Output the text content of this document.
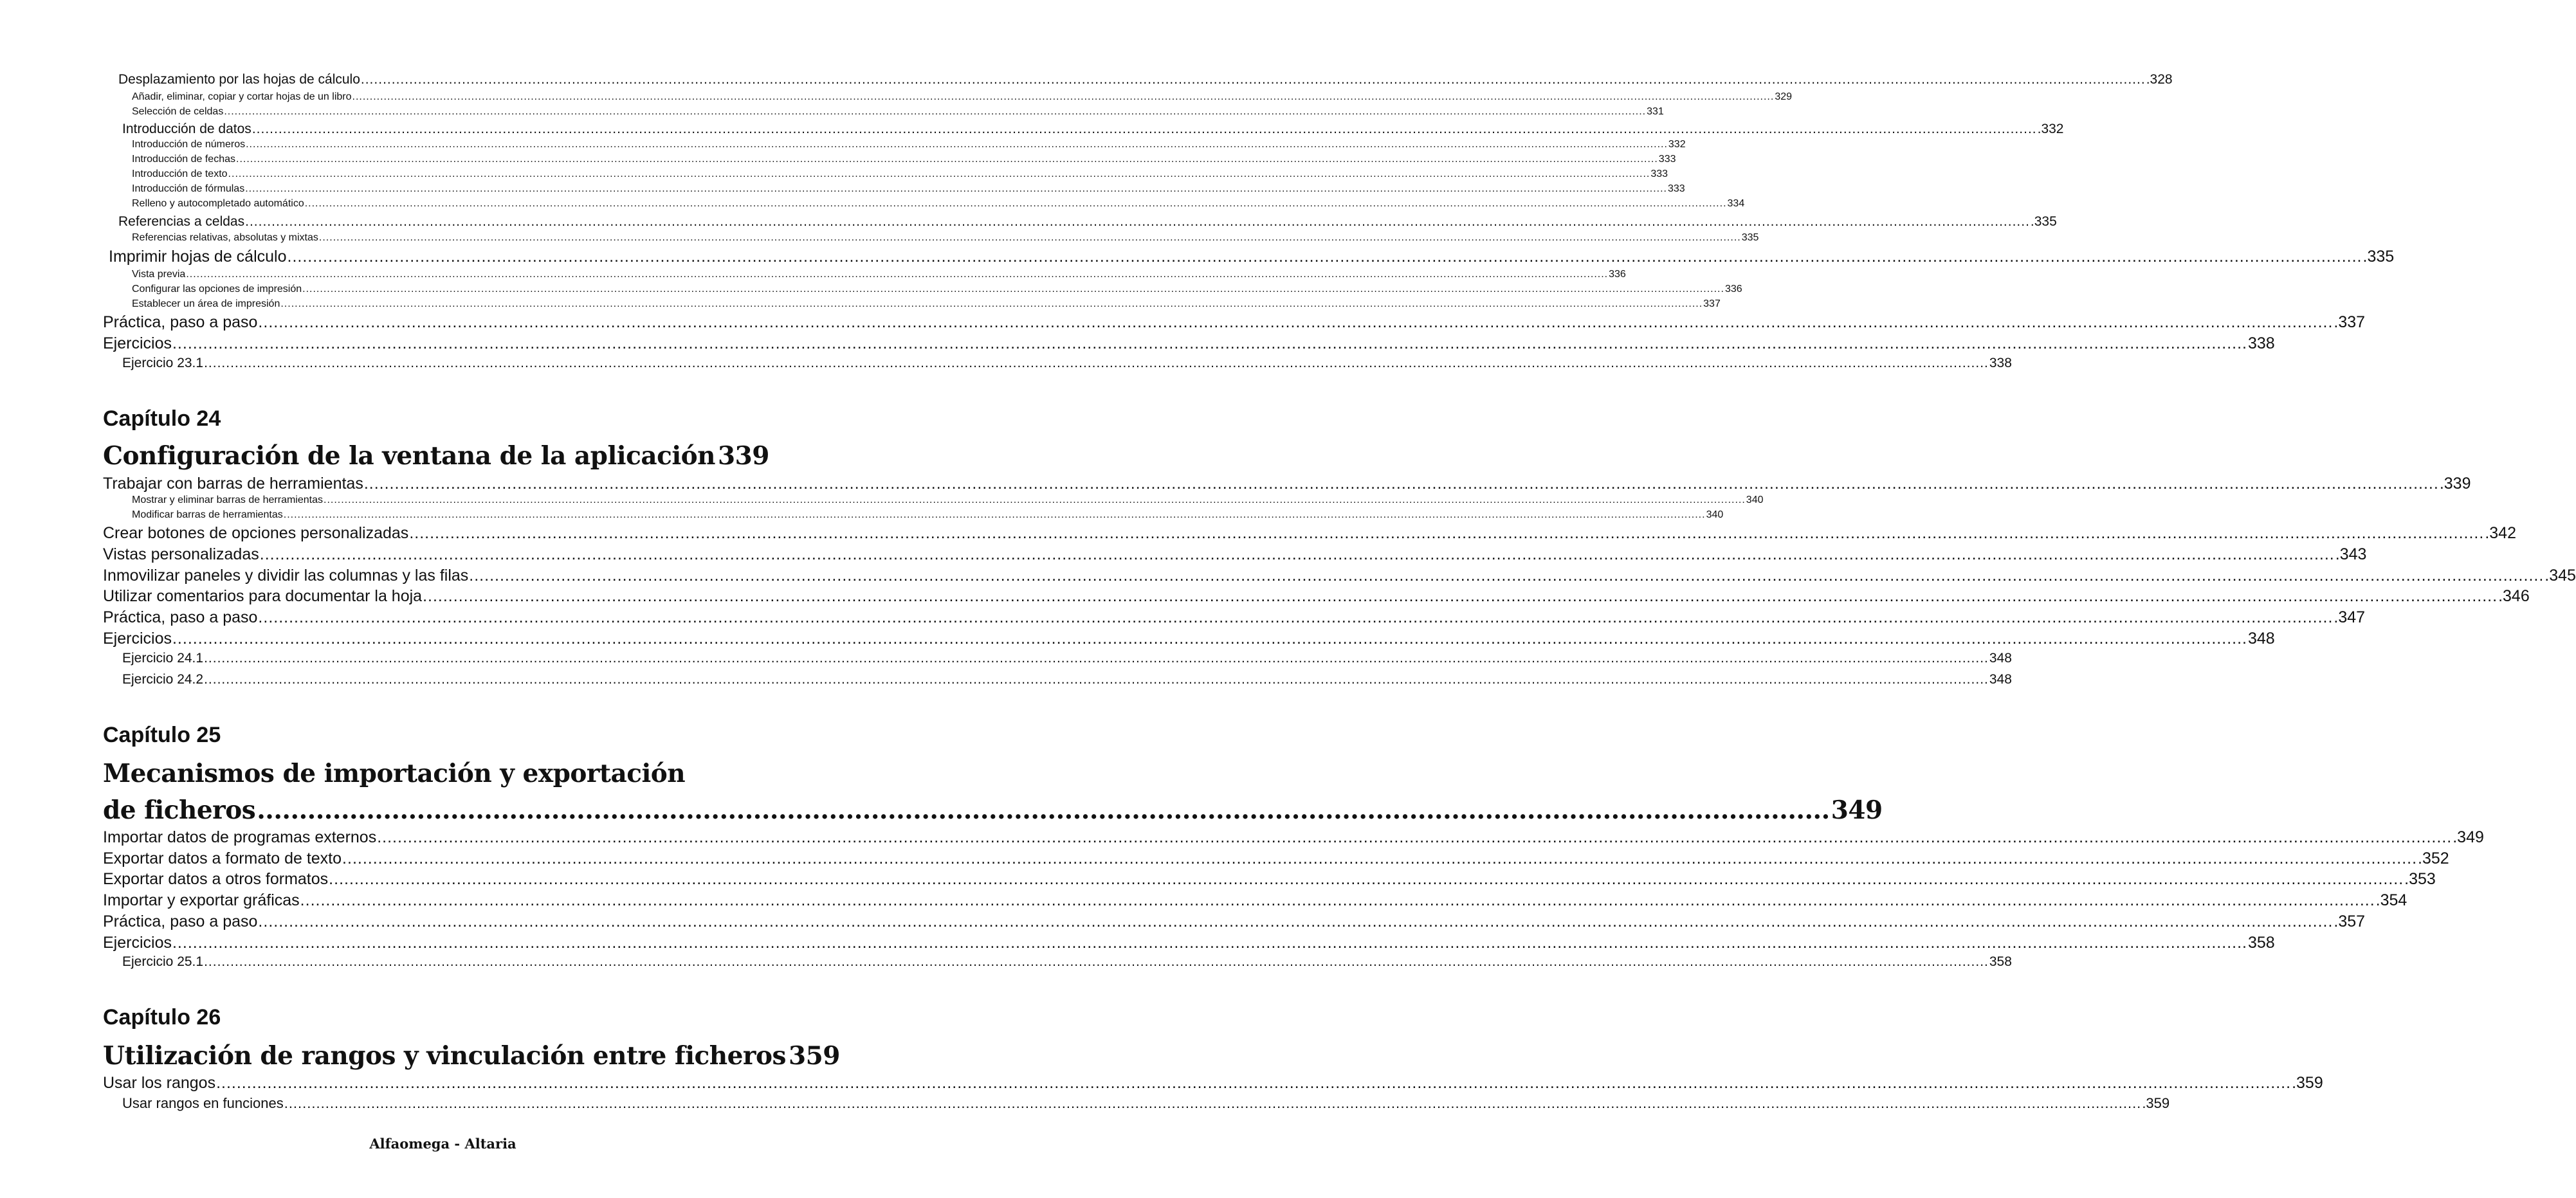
Desplazamiento por las hojas de cálculo .....	.328
Añadir, eliminar, copiar y cortar hojas de un libro .....	329
Selección de celdas .....	331
Introducción de datos .....	.332
Introducción de números .....	332
Introducción de fechas .....	333
Introducción de texto .....	333
Introducción de fórmulas .....	333
Relleno y autocompletado automático .....	334
Referencias a celdas .....	.335
Referencias relativas, absolutas y mixtas .....	335
Imprimir hojas de cálculo .....	.335
Vista previa .....	336
Configurar las opciones de impresión .....	336
Establecer un área de impresión .....	337
Práctica, paso a paso .....	.337
Ejercicios .....	338
Ejercicio 23.1 .....	338
Capítulo 24
Configuración de la ventana de la aplicación 339
Trabajar con barras de herramientas .....	.339
Mostrar y eliminar barras de herramientas .....	340
Modificar barras de herramientas .....	340
Crear botones de opciones personalizadas .....	.342
Vistas personalizadas .....	.343
Inmovilizar paneles y dividir las columnas y las filas .....	.345
Utilizar comentarios para documentar la hoja .....	.346
Práctica, paso a paso .....	.347
Ejercicios .....	348
Ejercicio 24.1 .....	348
Ejercicio 24.2 .....	348
Capítulo 25
Mecanismos de importación y exportación
de ficheros .....	349
Importar datos de programas externos .....	.349
Exportar datos a formato de texto .....	.352
Exportar datos a otros formatos .....	.353
Importar y exportar gráficas .....	.354
Práctica, paso a paso .....	.357
Ejercicios .....	358
Ejercicio 25.1 .....	358
Capítulo 26
Utilización de rangos y vinculación entre ficheros 359
Usar los rangos .....	.359
Usar rangos en funciones .....	.359
Alfaomega - Altaria
